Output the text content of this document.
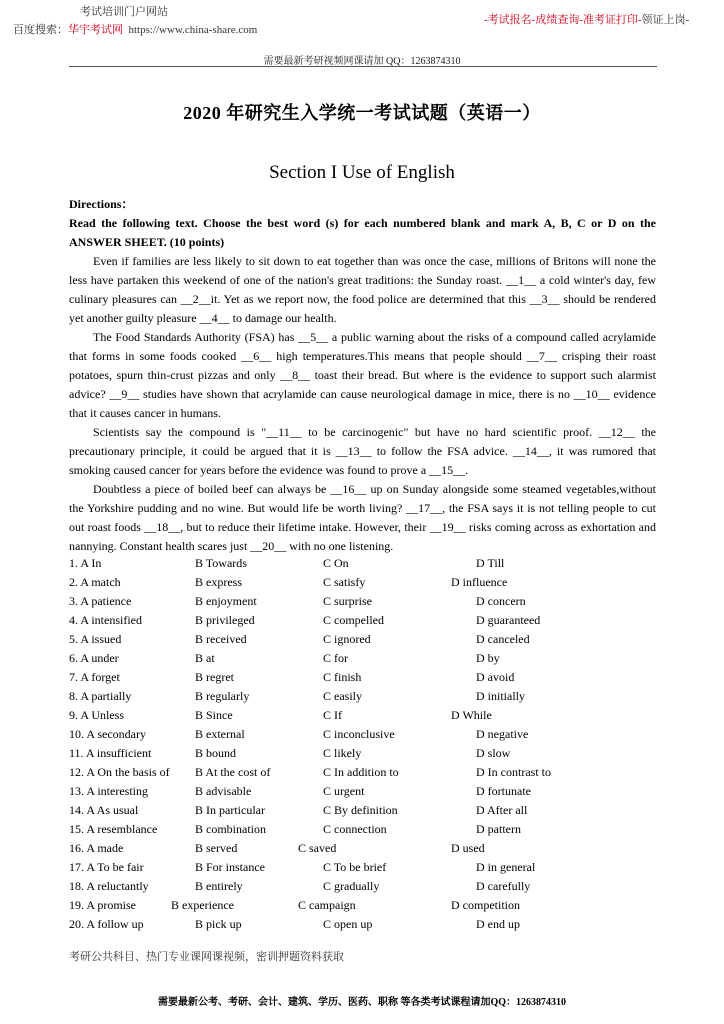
考试培训门户网站
百度搜索：华宇考试网 https://www.china-share.com
-考试报名-成绩查询-准考证打印-领证上岗-
需要最新考研视频网课请加 QQ：1263874310
2020 年研究生入学统一考试试题（英语一）
Section I Use of English
Directions：
Read the following text. Choose the best word (s) for each numbered blank and mark A, B, C or D on the ANSWER SHEET. (10 points)

Even if families are less likely to sit down to eat together than was once the case, millions of Britons will none the less have partaken this weekend of one of the nation's great traditions: the Sunday roast. __1__ a cold winter's day, few culinary pleasures can __2__it. Yet as we report now, the food police are determined that this __3__ should be rendered yet another guilty pleasure __4__ to damage our health.

The Food Standards Authority (FSA) has __5__ a public warning about the risks of a compound called acrylamide that forms in some foods cooked __6__ high temperatures.This means that people should __7__ crisping their roast potatoes, spurn thin-crust pizzas and only __8__ toast their bread. But where is the evidence to support such alarmist advice? __9__ studies have shown that acrylamide can cause neurological damage in mice, there is no __10__ evidence that it causes cancer in humans.

Scientists say the compound is "__11__ to be carcinogenic" but have no hard scientific proof. __12__ the precautionary principle, it could be argued that it is __13__ to follow the FSA advice. __14__, it was rumored that smoking caused cancer for years before the evidence was found to prove a __15__.

Doubtless a piece of boiled beef can always be __16__ up on Sunday alongside some steamed vegetables,without the Yorkshire pudding and no wine. But would life be worth living? __17__, the FSA says it is not telling people to cut out roast foods __18__, but to reduce their lifetime intake. However, their __19__ risks coming across as exhortation and nannying. Constant health scares just __20__ with no one listening.

1. A In	B Towards	C On	D Till
2. A match	B express	C satisfy	D influence
3. A patience	B enjoyment	C surprise	D concern
4. A intensified	B privileged	C compelled	D guaranteed
5. A issued	B received	C ignored	D canceled
6. A under	B at	C for	D by
7. A forget	B regret	C finish	D avoid
8. A partially	B regularly	C easily	D initially
9. A Unless	B Since	C If	D While
10. A secondary	B external	C inconclusive	D negative
11. A insufficient	B bound	C likely	D slow
12. A On the basis of B At the cost of	C In addition to	D In contrast to
13. A interesting	B advisable	C urgent	D fortunate
14. A As usual	B In particular	C By definition	D After all
15. A resemblance	B combination	C connection	D pattern
16. A made	B served	C saved	D used
17. A To be fair	B For instance	C To be brief	D in general
18. A reluctantly	B entirely	C gradually	D carefully
19. A promise	B experience	C campaign	D competition
20. A follow up	B pick up	C open up	D end up
考研公共科目、热门专业课网课视频，密训押题资料获取
需要最新公考、考研、会计、建筑、学历、医药、职称 等各类考试课程请加QQ：1263874310
